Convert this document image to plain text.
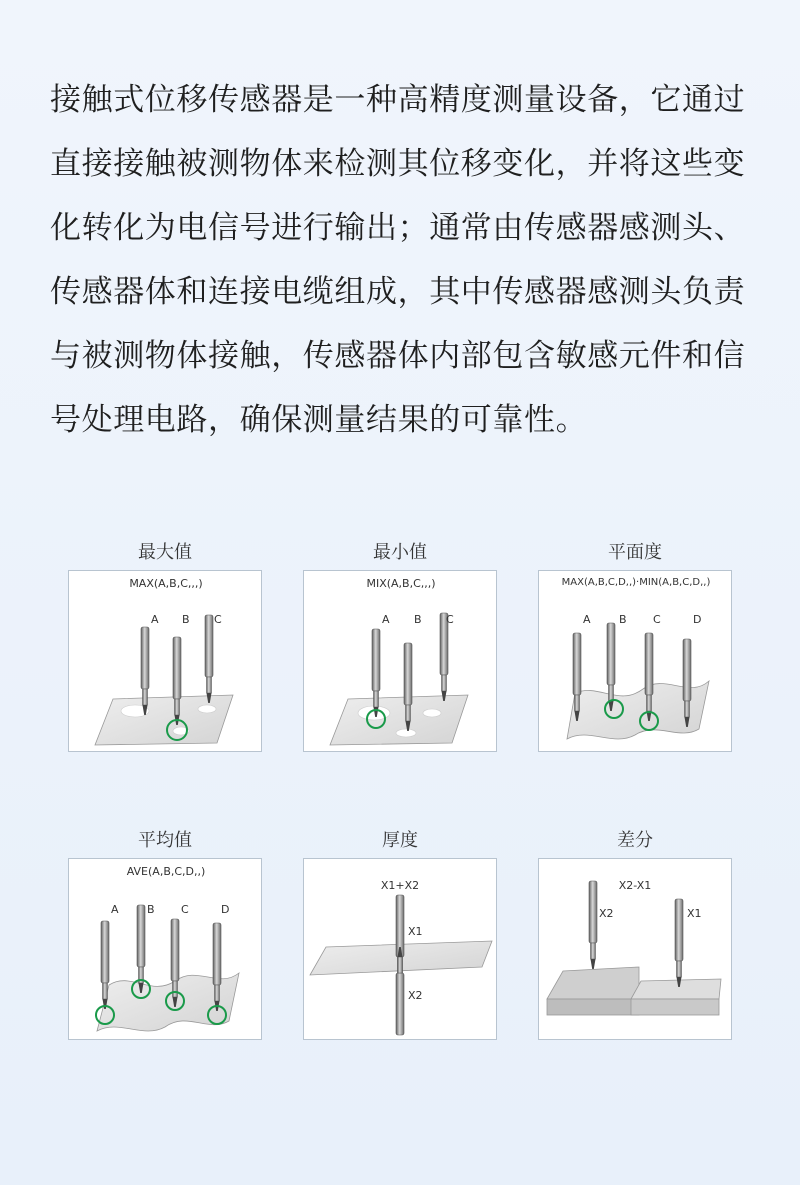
接触式位移传感器是一种高精度测量设备，它通过

直接接触被测物体来检测其位移变化，并将这些变

化转化为电信号进行输出；通常由传感器感测头、

传感器体和连接电缆组成，其中传感器感测头负责

与被测物体接触，传感器体内部包含敏感元件和信

号处理电路，确保测量结果的可靠性。

最大值
MAX(A,B,C,,,)
A B C
最小值
MIX(A,B,C,,,)
A B C
平面度
MAX(A,B,C,D,,)·MIN(A,B,C,D,,)
A	B C	D
平均值
AVE(A,B,C,D,,)
A	B C	D
厚度
X1+X2
X1
X2
差分
X2-X1
X2	X1
